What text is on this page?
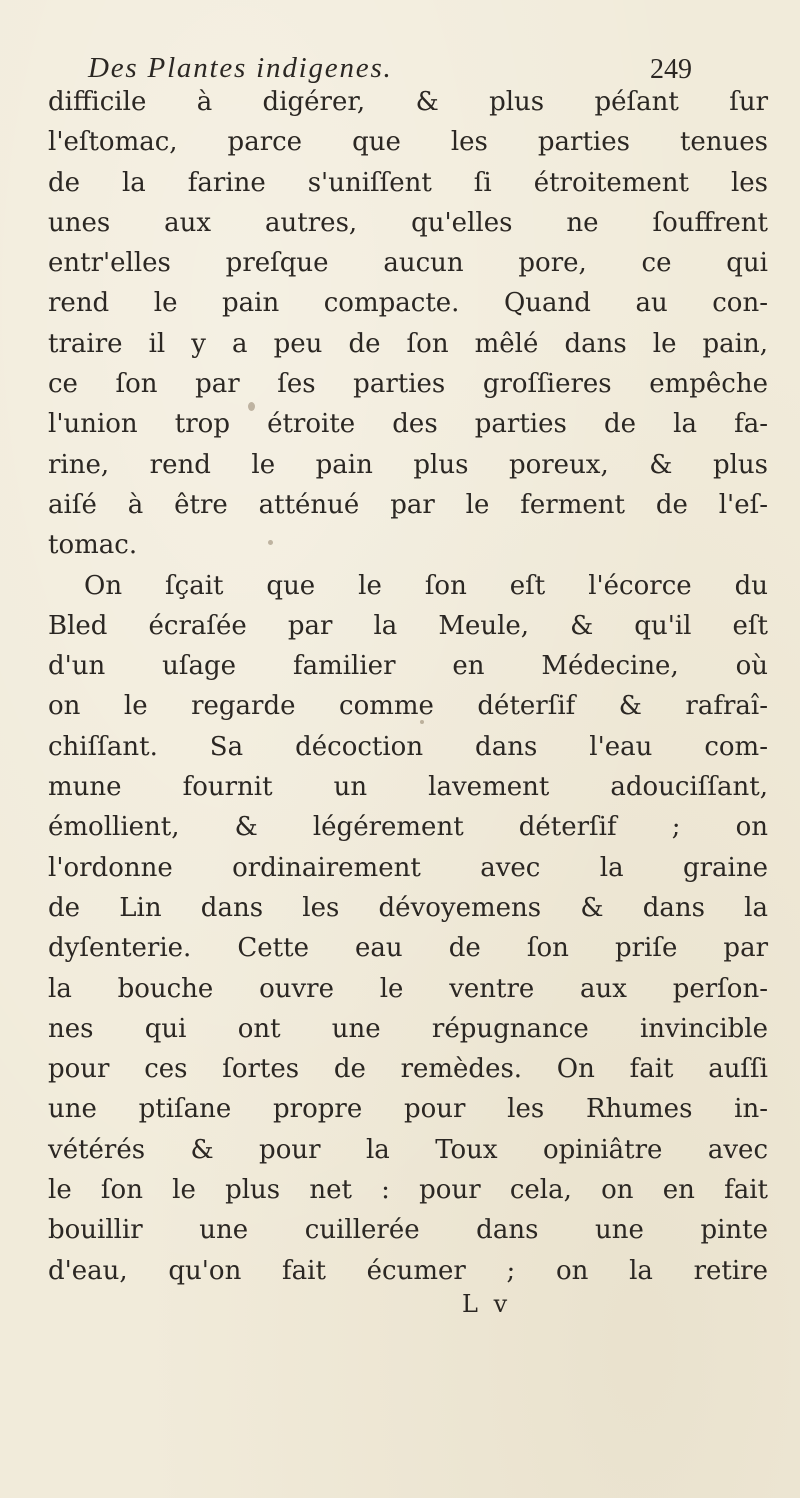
Des Plantes indigenes.	249
difficile à digérer, & plus péſant ſur
l'eſtomac, parce que les parties tenues
de la farine s'uniſſent ſi étroitement les
unes aux autres, qu'elles ne ſouffrent
entr'elles preſque aucun pore, ce qui
rend le pain compacte. Quand au con-
traire il y a peu de ſon mêlé dans le pain,
ce ſon par ſes parties groſſieres empêche
l'union trop étroite des parties de la fa-
rine, rend le pain plus poreux, & plus
aiſé à être atténué par le ferment de l'eſ-
tomac.
On ſçait que le ſon eſt l'écorce du
Bled écraſée par la Meule, & qu'il eſt
d'un uſage familier en Médecine, où
on le regarde comme déterſif & rafraî-
chiſſant. Sa décoction dans l'eau com-
mune fournit un lavement adouciſſant,
émollient, & légérement déterſif ; on
l'ordonne ordinairement avec la graine
de Lin dans les dévoyemens & dans la
dyſenterie. Cette eau de ſon priſe par
la bouche ouvre le ventre aux perſon-
nes qui ont une répugnance invincible
pour ces ſortes de remèdes. On fait auſſi
une ptiſane propre pour les Rhumes in-
vétérés & pour la Toux opiniâtre avec
le ſon le plus net : pour cela, on en fait
bouillir une cuillerée dans une pinte
d'eau, qu'on fait écumer ; on la retire
L v
